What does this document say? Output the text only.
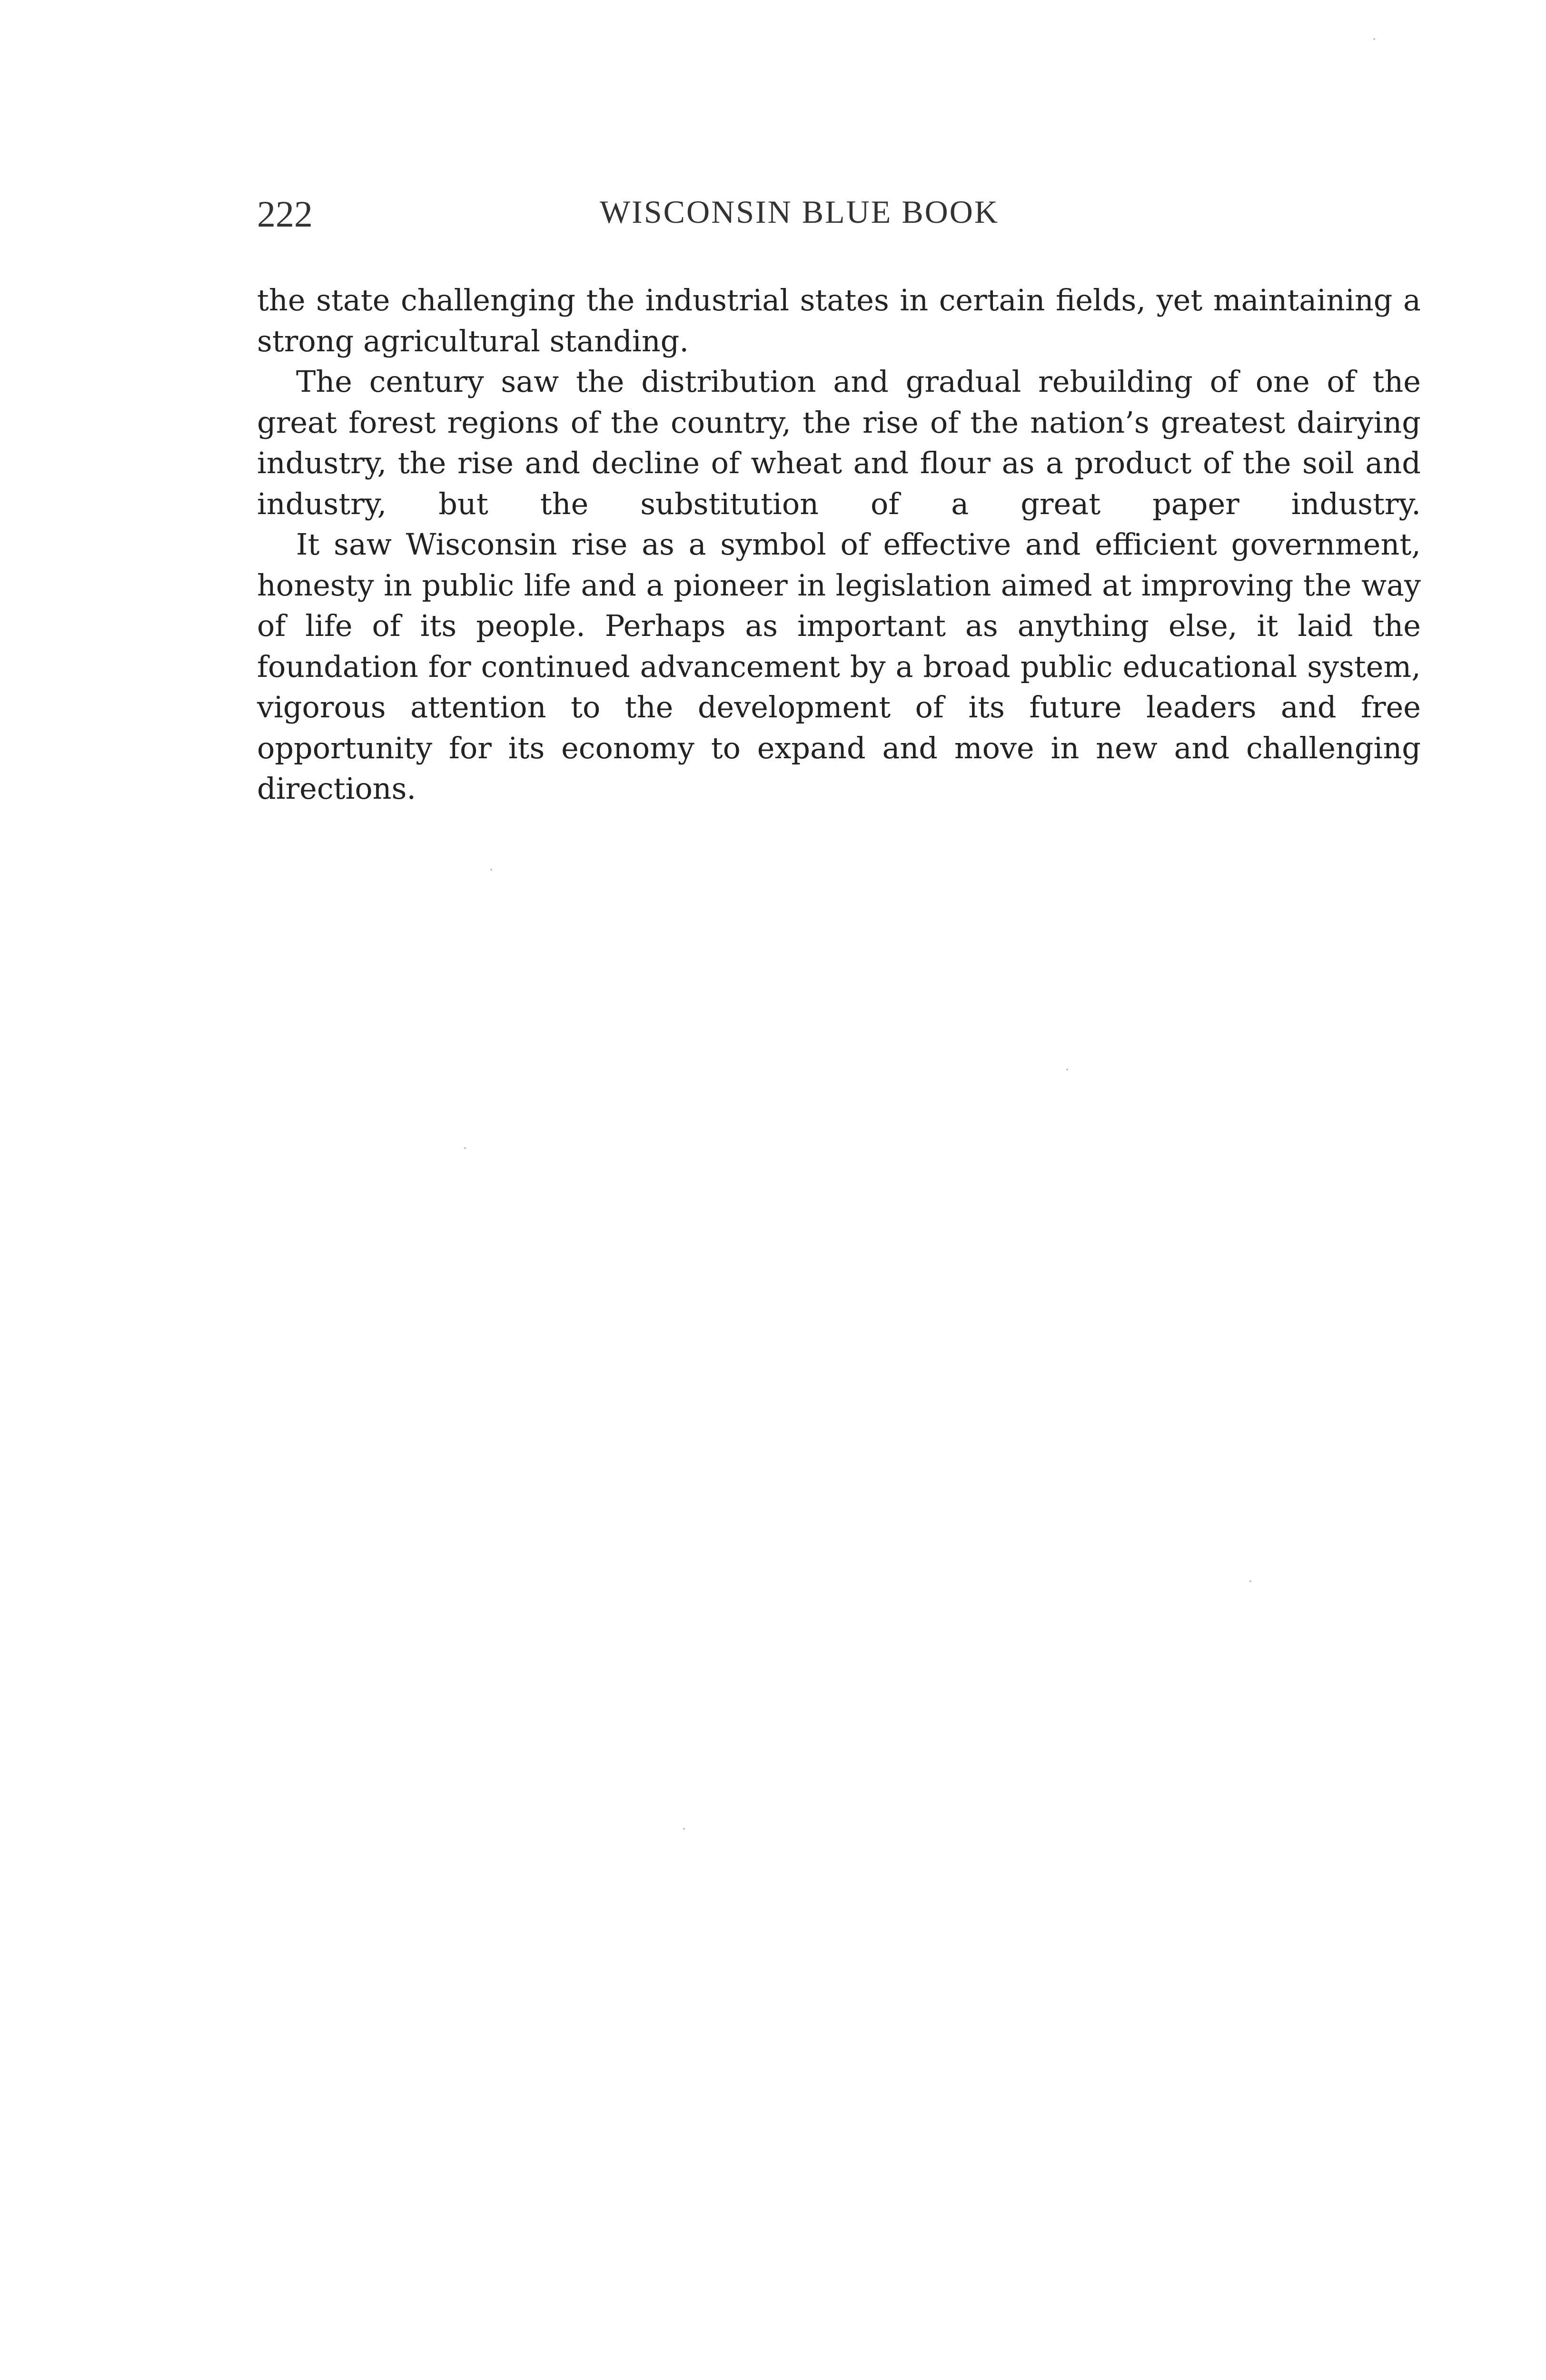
222	WISCONSIN BLUE BOOK

the state challenging the industrial states in certain fields, yet maintaining a strong agricultural standing.

The century saw the distribution and gradual rebuilding of one of the great forest regions of the country, the rise of the nation’s greatest dairying industry, the rise and decline of wheat and flour as a product of the soil and industry, but the substitution of a great paper industry.

It saw Wisconsin rise as a symbol of effective and efficient government, honesty in public life and a pioneer in legislation aimed at improving the way of life of its people. Perhaps as important as anything else, it laid the foundation for continued advancement by a broad public educational system, vigorous attention to the development of its future leaders and free opportunity for its economy to expand and move in new and challenging directions.
